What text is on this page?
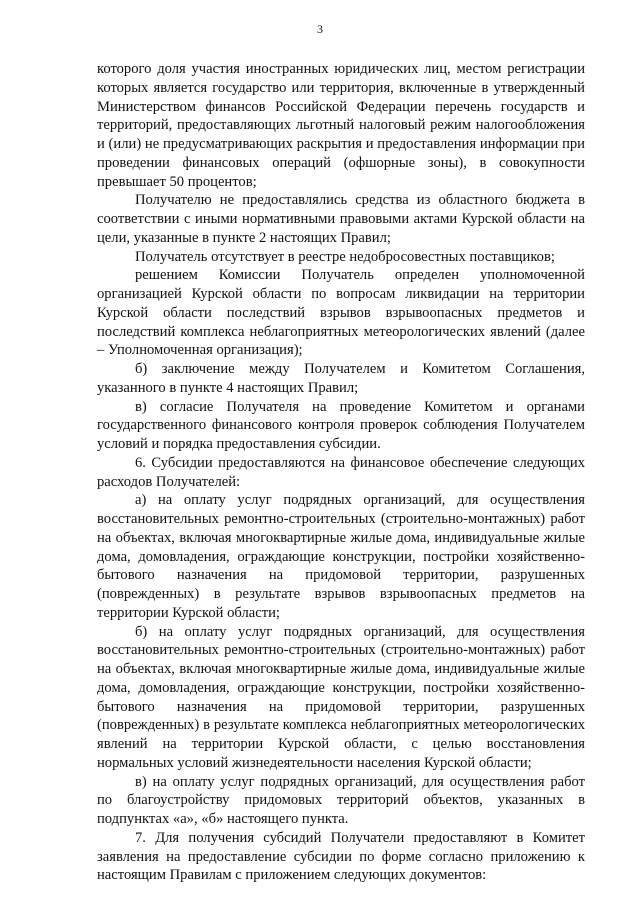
3

которого доля участия иностранных юридических лиц, местом регистрации которых является государство или территория, включенные в утвержденный Министерством финансов Российской Федерации перечень государств и территорий, предоставляющих льготный налоговый режим налогообложения и (или) не предусматривающих раскрытия и предоставления информации при проведении финансовых операций (офшорные зоны), в совокупности превышает 50 процентов;

Получателю не предоставлялись средства из областного бюджета в соответствии с иными нормативными правовыми актами Курской области на цели, указанные в пункте 2 настоящих Правил;

Получатель отсутствует в реестре недобросовестных поставщиков;

решением Комиссии Получатель определен уполномоченной организацией Курской области по вопросам ликвидации на территории Курской области последствий взрывов взрывоопасных предметов и последствий комплекса неблагоприятных метеорологических явлений (далее – Уполномоченная организация);

б) заключение между Получателем и Комитетом Соглашения, указанного в пункте 4 настоящих Правил;

в) согласие Получателя на проведение Комитетом и органами государственного финансового контроля проверок соблюдения Получателем условий и порядка предоставления субсидии.

6. Субсидии предоставляются на финансовое обеспечение следующих расходов Получателей:

а) на оплату услуг подрядных организаций, для осуществления восстановительных ремонтно-строительных (строительно-монтажных) работ на объектах, включая многоквартирные жилые дома, индивидуальные жилые дома, домовладения, ограждающие конструкции, постройки хозяйственно-бытового назначения на придомовой территории, разрушенных (поврежденных) в результате взрывов взрывоопасных предметов на территории Курской области;

б) на оплату услуг подрядных организаций, для осуществления восстановительных ремонтно-строительных (строительно-монтажных) работ на объектах, включая многоквартирные жилые дома, индивидуальные жилые дома, домовладения, ограждающие конструкции, постройки хозяйственно-бытового назначения на придомовой территории, разрушенных (поврежденных) в результате комплекса неблагоприятных метеорологических явлений на территории Курской области, с целью восстановления нормальных условий жизнедеятельности населения Курской области;

в) на оплату услуг подрядных организаций, для осуществления работ по благоустройству придомовых территорий объектов, указанных в подпунктах «а», «б» настоящего пункта.

7. Для получения субсидий Получатели предоставляют в Комитет заявления на предоставление субсидии по форме согласно приложению к настоящим Правилам с приложением следующих документов:
